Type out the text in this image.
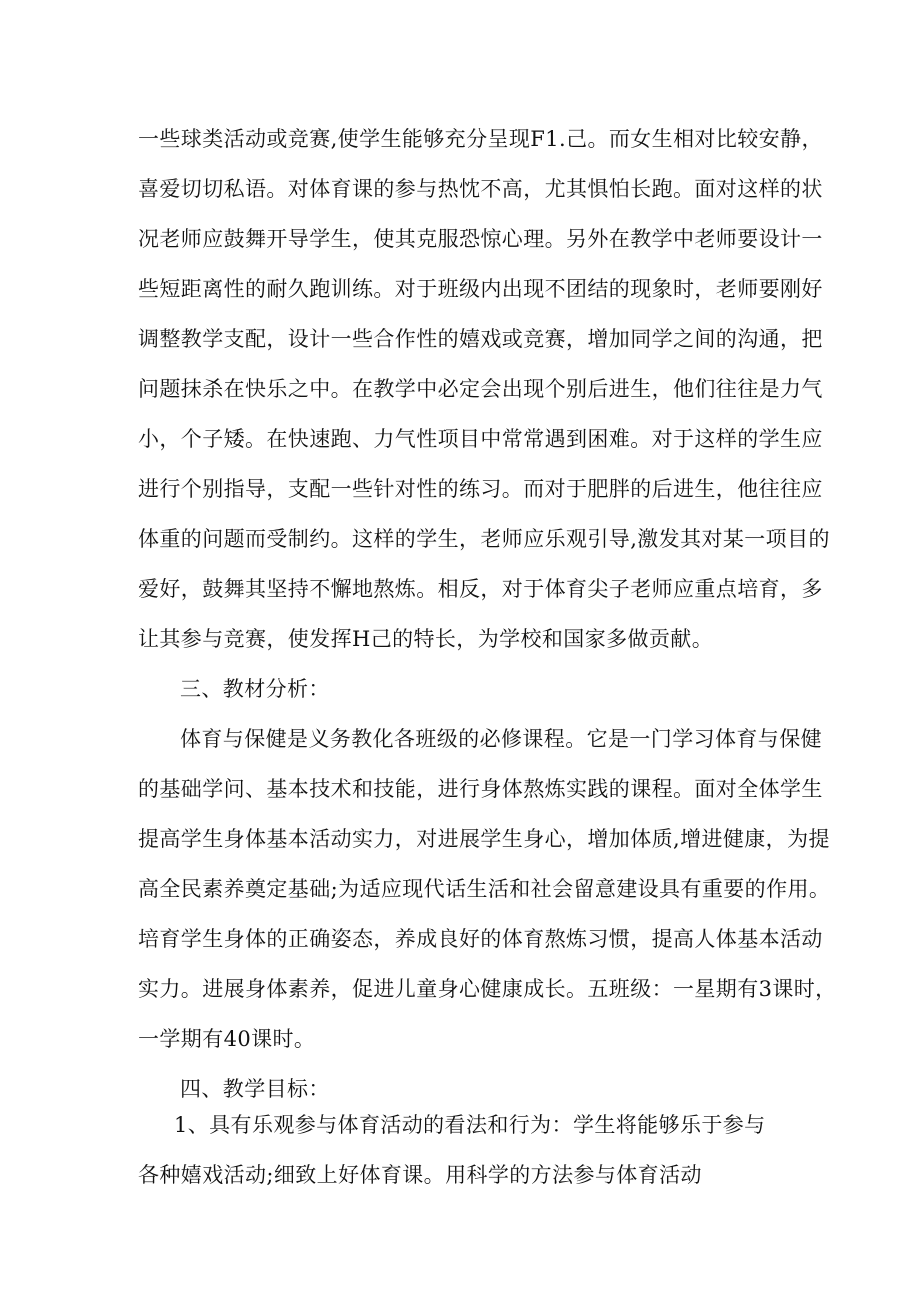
一些球类活动或竞赛,使学生能够充分呈现F1.己。而女生相对比较安静，
喜爱切切私语。对体育课的参与热忱不高，尤其惧怕长跑。面对这样的状
况老师应鼓舞开导学生，使其克服恐惊心理。另外在教学中老师要设计一
些短距离性的耐久跑训练。对于班级内出现不团结的现象时，老师要刚好
调整教学支配，设计一些合作性的嬉戏或竞赛，增加同学之间的沟通，把
问题抹杀在快乐之中。在教学中必定会出现个别后进生，他们往往是力气
小，个子矮。在快速跑、力气性项目中常常遇到困难。对于这样的学生应
进行个别指导，支配一些针对性的练习。而对于肥胖的后进生，他往往应
体重的问题而受制约。这样的学生，老师应乐观引导,激发其对某一项目的
爱好，鼓舞其坚持不懈地熬炼。相反，对于体育尖子老师应重点培育，多
让其参与竞赛，使发挥H己的特长，为学校和国家多做贡献。
三、教材分析：
体育与保健是义务教化各班级的必修课程。它是一门学习体育与保健
的基础学问、基本技术和技能，进行身体熬炼实践的课程。面对全体学生
提高学生身体基本活动实力，对进展学生身心，增加体质,增进健康，为提
高全民素养奠定基础;为适应现代话生活和社会留意建设具有重要的作用。
培育学生身体的正确姿态，养成良好的体育熬炼习惯，提高人体基本活动
实力。进展身体素养，促进儿童身心健康成长。五班级：一星期有3课时，
一学期有40课时。
四、教学目标：
1、具有乐观参与体育活动的看法和行为：学生将能够乐于参与
各种嬉戏活动;细致上好体育课。用科学的方法参与体育活动
